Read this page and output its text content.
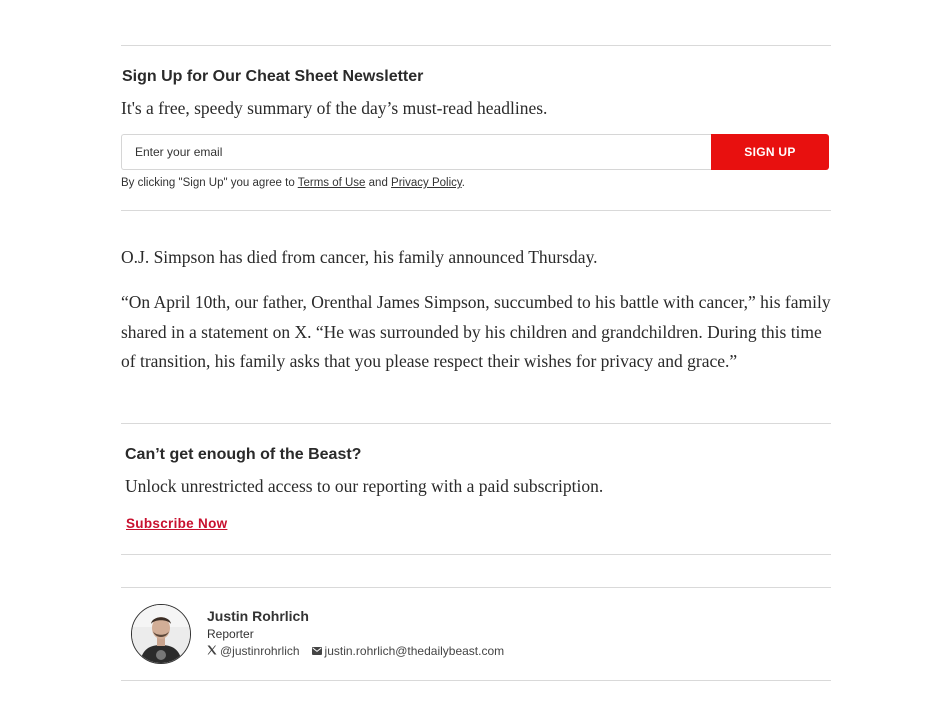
Sign Up for Our Cheat Sheet Newsletter

It's a free, speedy summary of the day’s must-read headlines.

Enter your email
SIGN UP
By clicking "Sign Up" you agree to Terms of Use and Privacy Policy.

O.J. Simpson has died from cancer, his family announced Thursday.

“On April 10th, our father, Orenthal James Simpson, succumbed to his battle with cancer,” his family shared in a statement on X. “He was surrounded by his children and grandchildren. During this time of transition, his family asks that you please respect their wishes for privacy and grace.”

Can’t get enough of the Beast?

Unlock unrestricted access to our reporting with a paid subscription.

Subscribe Now
Justin Rohrlich
Reporter
@justinrohrlich justin.rohrlich@thedailybeast.com
